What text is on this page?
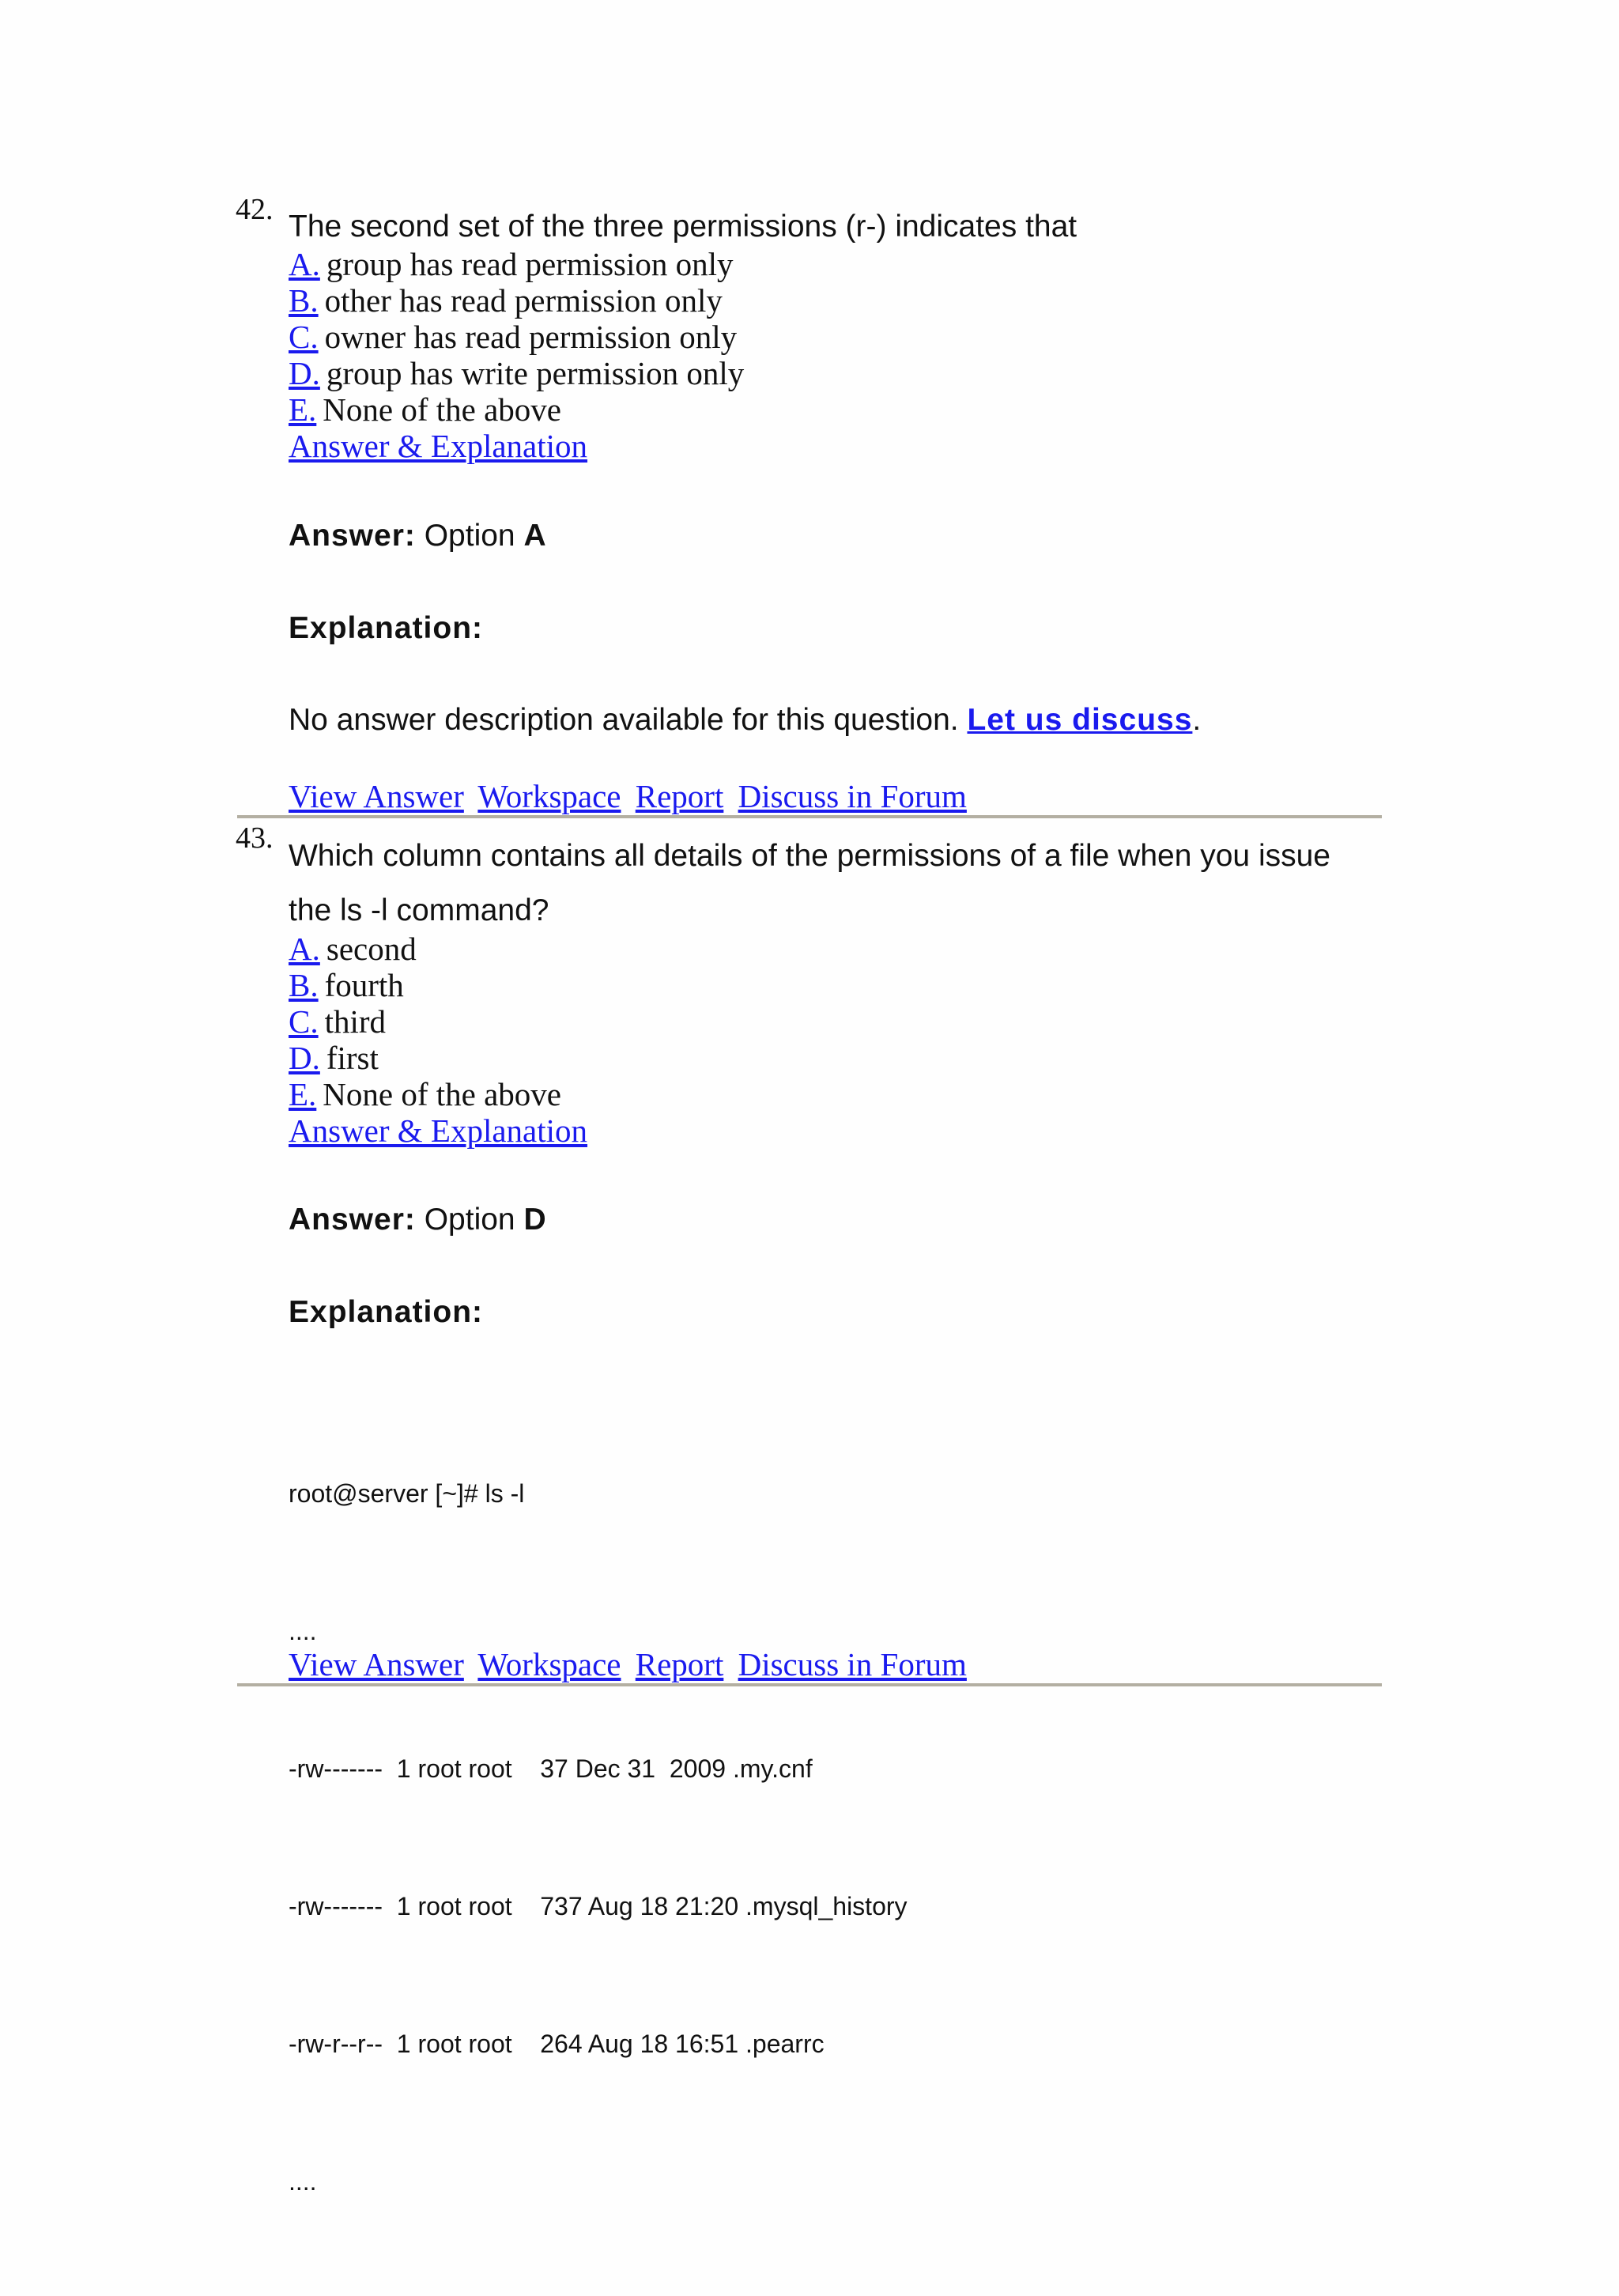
42. The second set of the three permissions (r-) indicates that
A. group has read permission only
B. other has read permission only
C. owner has read permission only
D. group has write permission only
E. None of the above
Answer & Explanation
Answer: Option A
Explanation:
No answer description available for this question. Let us discuss.
View Answer Workspace Report Discuss in Forum
43.
Which column contains all details of the permissions of a file when you issue the ls -l command?
A. second
B. fourth
C. third
D. first
E. None of the above
Answer & Explanation
Answer: Option D
Explanation:

root@server [~]# ls -l

....

-rw-------  1 root root    37 Dec 31  2009 .my.cnf

-rw-------  1 root root    737 Aug 18 21:20 .mysql_history

-rw-r--r--  1 root root    264 Aug 18 16:51 .pearrc

....

View Answer Workspace Report Discuss in Forum
